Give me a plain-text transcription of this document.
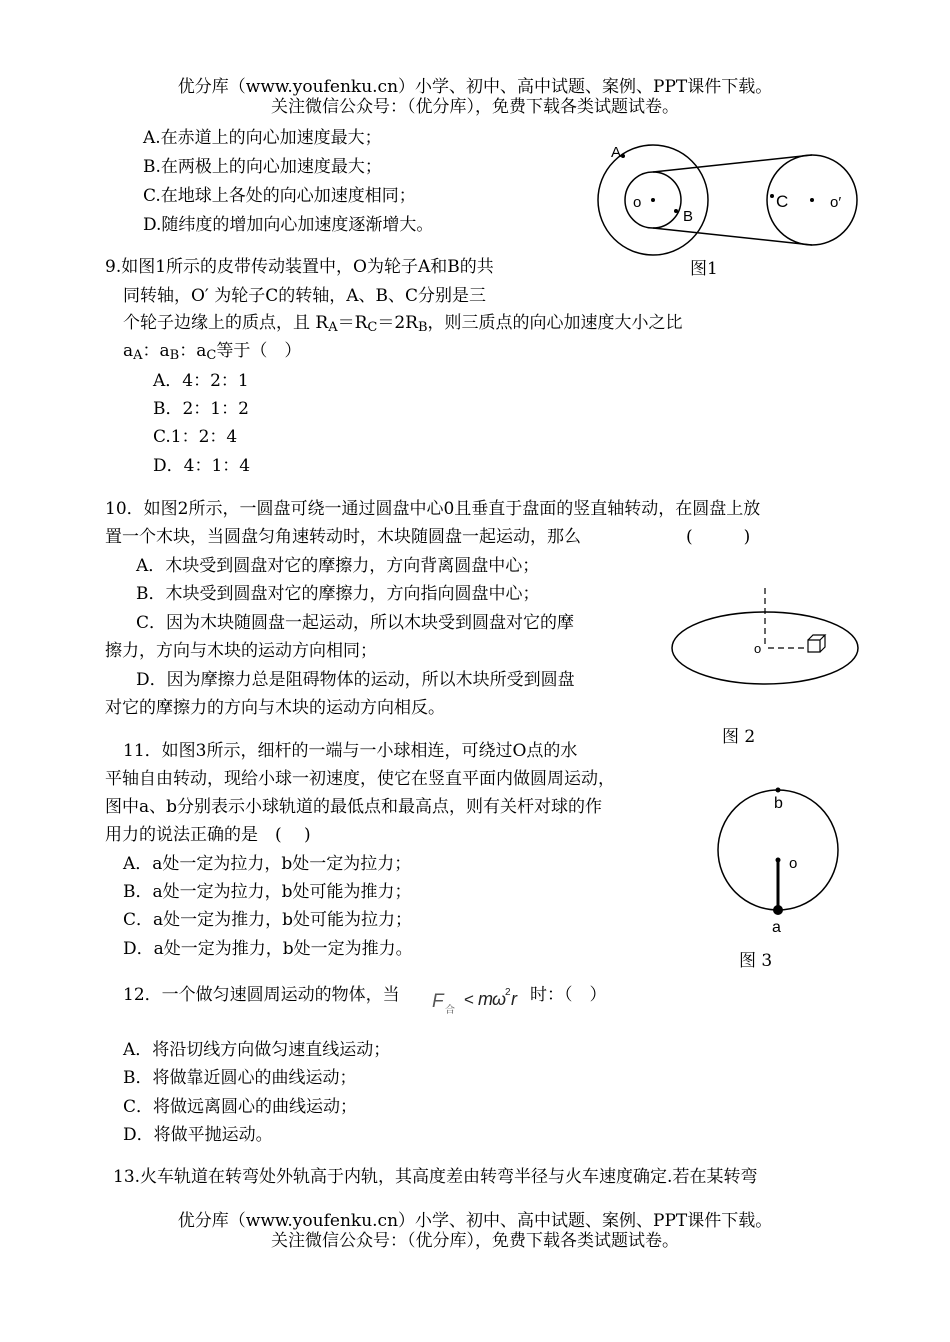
优分库（www.youfenku.cn）小学、初中、高中试题、案例、PPT课件下载。
关注微信公众号：（优分库），免费下载各类试题试卷。
A.在赤道上的向心加速度最大；
B.在两极上的向心加速度最大；
C.在地球上各处的向心加速度相同；
D.随纬度的增加向心加速度逐渐增大。
A
B
C
o	o′
图1
9.如图1所示的皮带传动装置中，O为轮子A和B的共
同转轴，O′ 为轮子C的转轴，A、B、C分别是三
个轮子边缘上的质点，且 $R_A=R_C=2R_B$，则三质点的向心加速度大小之比
$a_A$：$a_B$：$a_C$等于（　）
A．4：2：1
B．2：1：2
C.1：2：4
D．4：1：4
10．如图2所示，一圆盘可绕一通过圆盘中心0且垂直于盘面的竖直轴转动，在圆盘上放
置一个木块，当圆盘匀角速转动时，木块随圆盘一起运动，那么	(　　　)
A．木块受到圆盘对它的摩擦力，方向背离圆盘中心；
B．木块受到圆盘对它的摩擦力，方向指向圆盘中心；
C．因为木块随圆盘一起运动，所以木块受到圆盘对它的摩
擦力，方向与木块的运动方向相同；
D．因为摩擦力总是阻碍物体的运动，所以木块所受到圆盘
对它的摩擦力的方向与木块的运动方向相反。
o
图 2
11．如图3所示，细杆的一端与一小球相连，可绕过O点的水
平轴自由转动，现给小球一初速度，使它在竖直平面内做圆周运动，
图中a、b分别表示小球轨道的最低点和最高点，则有关杆对球的作
用力的说法正确的是　(　 )
A．a处一定为拉力，b处一定为拉力；
B．a处一定为拉力，b处可能为推力；
C．a处一定为推力，b处可能为拉力；
D．a处一定为推力，b处一定为推力。
b
o
a
图 3
12．一个做匀速圆周运动的物体，当 F 合
< m ω
2 r 时：（　）
A．将沿切线方向做匀速直线运动；
B．将做靠近圆心的曲线运动；
C．将做远离圆心的曲线运动；
D．将做平抛运动。
13.火车轨道在转弯处外轨高于内轨，其高度差由转弯半径与火车速度确定.若在某转弯
优分库（www.youfenku.cn）小学、初中、高中试题、案例、PPT课件下载。
关注微信公众号：（优分库），免费下载各类试题试卷。
